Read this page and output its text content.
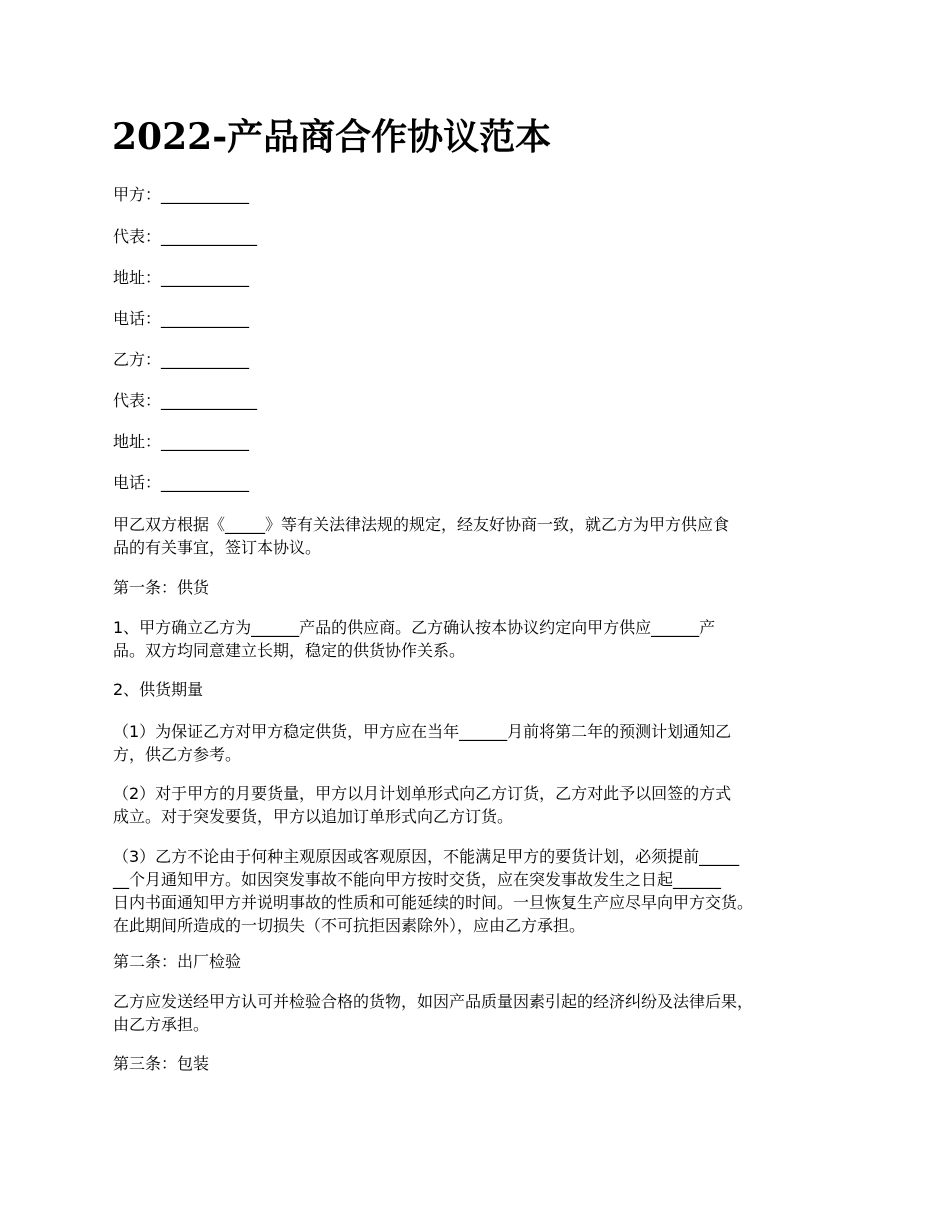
2022-产品商合作协议范本

甲方：___________

代表：____________

地址：___________

电话：___________

乙方：___________

代表：____________

地址：___________

电话：___________

甲乙双方根据《_____》等有关法律法规的规定，经友好协商一致，就乙方为甲方供应食
品的有关事宜，签订本协议。

第一条：供货

1、甲方确立乙方为______产品的供应商。乙方确认按本协议约定向甲方供应______产
品。双方均同意建立长期，稳定的供货协作关系。

2、供货期量

（1）为保证乙方对甲方稳定供货，甲方应在当年______月前将第二年的预测计划通知乙
方，供乙方参考。
（2）对于甲方的月要货量，甲方以月计划单形式向乙方订货，乙方对此予以回签的方式
成立。对于突发要货，甲方以追加订单形式向乙方订货。
（3）乙方不论由于何种主观原因或客观原因，不能满足甲方的要货计划，必须提前_____
__个月通知甲方。如因突发事故不能向甲方按时交货，应在突发事故发生之日起______
日内书面通知甲方并说明事故的性质和可能延续的时间。一旦恢复生产应尽早向甲方交货。
在此期间所造成的一切损失（不可抗拒因素除外），应由乙方承担。

第二条：出厂检验

乙方应发送经甲方认可并检验合格的货物，如因产品质量因素引起的经济纠纷及法律后果，
由乙方承担。

第三条：包装
